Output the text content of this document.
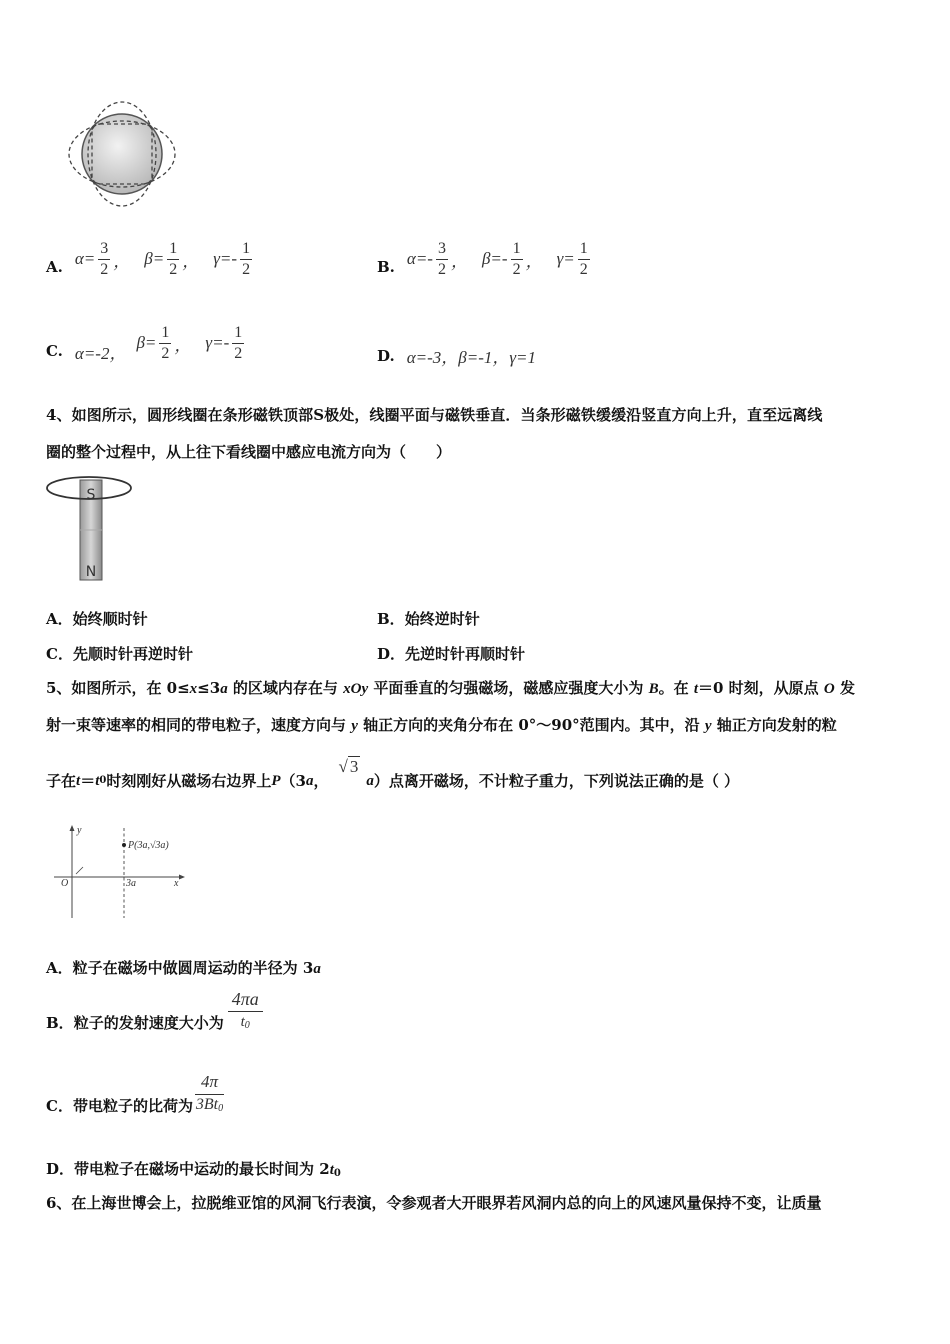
A. $\alpha= \frac{3}{2}$ ， $\beta= \frac{1}{2}$ ， γ=‑ $\frac{1}{2}$	B. α=‑ $\frac{3}{2}$ ， β=‑ $\frac{1}{2}$ ， $\gamma= \frac{1}{2}$
C. α=‑2，
$\beta= \frac{1}{2}$ ， γ=‑ $\frac{1}{2}$	D. α=‑3，β=‑1，γ=1
4、如图所示，圆形线圈在条形磁铁顶部S极处，线圈平面与磁铁垂直．当条形磁铁缓缓沿竖直方向上升，直至远离线
圈的整个过程中，从上往下看线圈中感应电流方向为（　　）
S
N
A．始终顺时针	B．始终逆时针
C．先顺时针再逆时针	D．先逆时针再顺时针
5、如图所示，在 0≤x≤3a 的区域内存在与 xOy 平面垂直的匀强磁场，磁感应强度大小为 B。在 t＝0 时刻，从原点 O 发
射一束等速率的相同的带电粒子，速度方向与 y 轴正方向的夹角分布在 0°～90°范围内。其中，沿 y 轴正方向发射的粒
子在 t ＝ t 0 时刻刚好从磁场右边界上 P （3 a ，
√ 3
a ）点离开磁场，不计粒子重力，下列说法正确的是（ ）
y
x
O	3a
P(3a,√3a)
A．粒子在磁场中做圆周运动的半径为 3a
B． 粒子的发射速度大小为 $\frac{4\pi a}{t_0}$
C． 带电粒子的比荷为 $\frac{4\pi}{3Bt_0}$
D．带电粒子在磁场中运动的最长时间为 $2t_0$
6、在上海世博会上，拉脱维亚馆的风洞飞行表演，令参观者大开眼界若风洞内总的向上的风速风量保持不变，让质量
